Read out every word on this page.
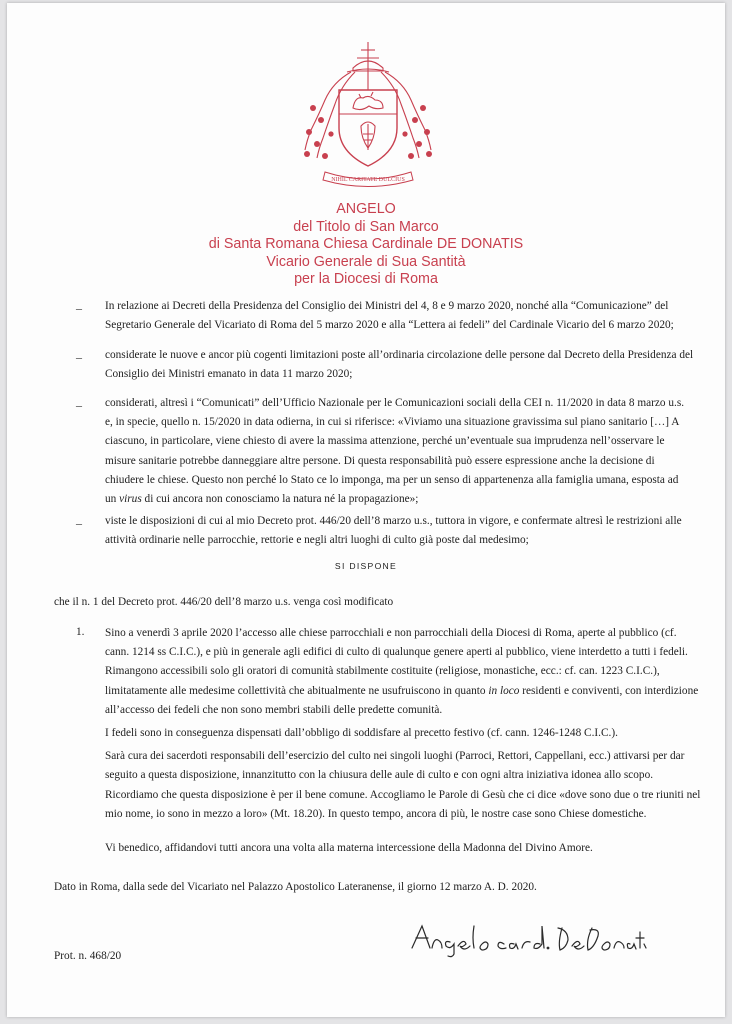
NIHIL CARITATE DULCIUS
ANGELO
del Titolo di San Marco
di Santa Romana Chiesa Cardinale DE DONATIS
Vicario Generale di Sua Santità
per la Diocesi di Roma
– In relazione ai Decreti della Presidenza del Consiglio dei Ministri del 4, 8 e 9 marzo 2020, nonché alla “Comunicazione” del

Segretario Generale del Vicariato di Roma del 5 marzo 2020 e alla “Lettera ai fedeli” del Cardinale Vicario del 6 marzo 2020;

– considerate le nuove e ancor più cogenti limitazioni poste all’ordinaria circolazione delle persone dal Decreto della Presidenza del

Consiglio dei Ministri emanato in data 11 marzo 2020;

– considerati, altresì i “Comunicati” dell’Ufficio Nazionale per le Comunicazioni sociali della CEI n. 11/2020 in data 8 marzo u.s.

e, in specie, quello n. 15/2020 in data odierna, in cui si riferisce: «Viviamo una situazione gravissima sul piano sanitario […] A

ciascuno, in particolare, viene chiesto di avere la massima attenzione, perché un’eventuale sua imprudenza nell’osservare le

misure sanitarie potrebbe danneggiare altre persone. Di questa responsabilità può essere espressione anche la decisione di

chiudere le chiese. Questo non perché lo Stato ce lo imponga, ma per un senso di appartenenza alla famiglia umana, esposta ad

un virus di cui ancora non conosciamo la natura né la propagazione»;

– viste le disposizioni di cui al mio Decreto prot. 446/20 dell’8 marzo u.s., tuttora in vigore, e confermate altresì le restrizioni alle

attività ordinarie nelle parrocchie, rettorie e negli altri luoghi di culto già poste dal medesimo;

SI DISPONE
che il n. 1 del Decreto prot. 446/20 dell’8 marzo u.s. venga così modificato
1. Sino a venerdì 3 aprile 2020 l’accesso alle chiese parrocchiali e non parrocchiali della Diocesi di Roma, aperte al pubblico (cf.

cann. 1214 ss C.I.C.), e più in generale agli edifici di culto di qualunque genere aperti al pubblico, viene interdetto a tutti i fedeli.

Rimangono accessibili solo gli oratori di comunità stabilmente costituite (religiose, monastiche, ecc.: cf. can. 1223 C.I.C.),

limitatamente alle medesime collettività che abitualmente ne usufruiscono in quanto in loco residenti e conviventi, con interdizione

all’accesso dei fedeli che non sono membri stabili delle predette comunità.

I fedeli sono in conseguenza dispensati dall’obbligo di soddisfare al precetto festivo (cf. cann. 1246-1248 C.I.C.).

Sarà cura dei sacerdoti responsabili dell’esercizio del culto nei singoli luoghi (Parroci, Rettori, Cappellani, ecc.) attivarsi per dar

seguito a questa disposizione, innanzitutto con la chiusura delle aule di culto e con ogni altra iniziativa idonea allo scopo.

Ricordiamo che questa disposizione è per il bene comune. Accogliamo le Parole di Gesù che ci dice «dove sono due o tre riuniti nel

mio nome, io sono in mezzo a loro» (Mt. 18.20). In questo tempo, ancora di più, le nostre case sono Chiese domestiche.

Vi benedico, affidandovi tutti ancora una volta alla materna intercessione della Madonna del Divino Amore.
Dato in Roma, dalla sede del Vicariato nel Palazzo Apostolico Lateranense, il giorno 12 marzo A. D. 2020.
Prot. n. 468/20
